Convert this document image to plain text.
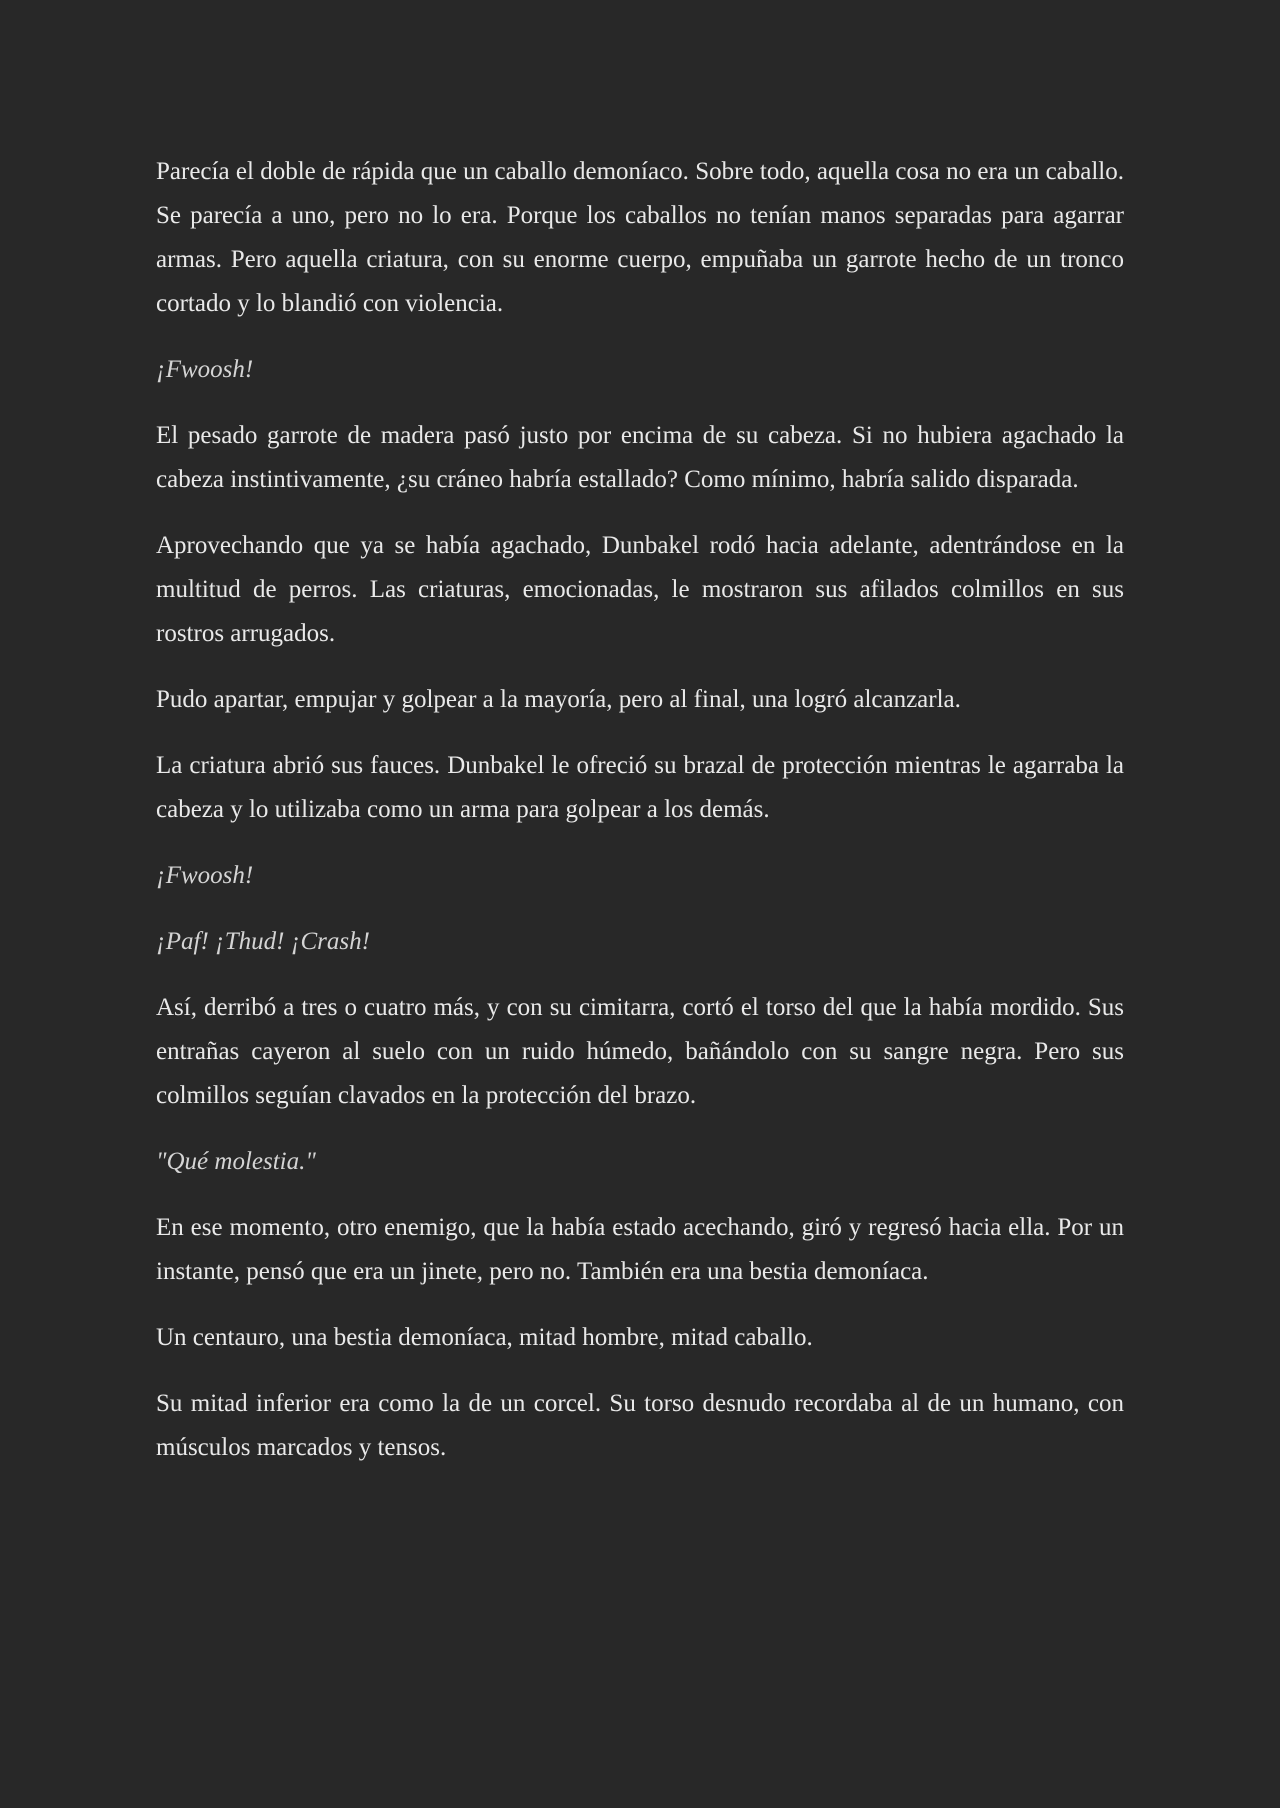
Parecía el doble de rápida que un caballo demoníaco. Sobre todo, aquella cosa no era un caballo. Se parecía a uno, pero no lo era. Porque los caballos no tenían manos separadas para agarrar armas. Pero aquella criatura, con su enorme cuerpo, empuñaba un garrote hecho de un tronco cortado y lo blandió con violencia.

¡Fwoosh!

El pesado garrote de madera pasó justo por encima de su cabeza. Si no hubiera agachado la cabeza instintivamente, ¿su cráneo habría estallado? Como mínimo, habría salido disparada.

Aprovechando que ya se había agachado, Dunbakel rodó hacia adelante, adentrándose en la multitud de perros. Las criaturas, emocionadas, le mostraron sus afilados colmillos en sus rostros arrugados.

Pudo apartar, empujar y golpear a la mayoría, pero al final, una logró alcanzarla.

La criatura abrió sus fauces. Dunbakel le ofreció su brazal de protección mientras le agarraba la cabeza y lo utilizaba como un arma para golpear a los demás.

¡Fwoosh!

¡Paf! ¡Thud! ¡Crash!

Así, derribó a tres o cuatro más, y con su cimitarra, cortó el torso del que la había mordido. Sus entrañas cayeron al suelo con un ruido húmedo, bañándolo con su sangre negra. Pero sus colmillos seguían clavados en la protección del brazo.

"Qué molestia."

En ese momento, otro enemigo, que la había estado acechando, giró y regresó hacia ella. Por un instante, pensó que era un jinete, pero no. También era una bestia demoníaca.

Un centauro, una bestia demoníaca, mitad hombre, mitad caballo.

Su mitad inferior era como la de un corcel. Su torso desnudo recordaba al de un humano, con músculos marcados y tensos.
